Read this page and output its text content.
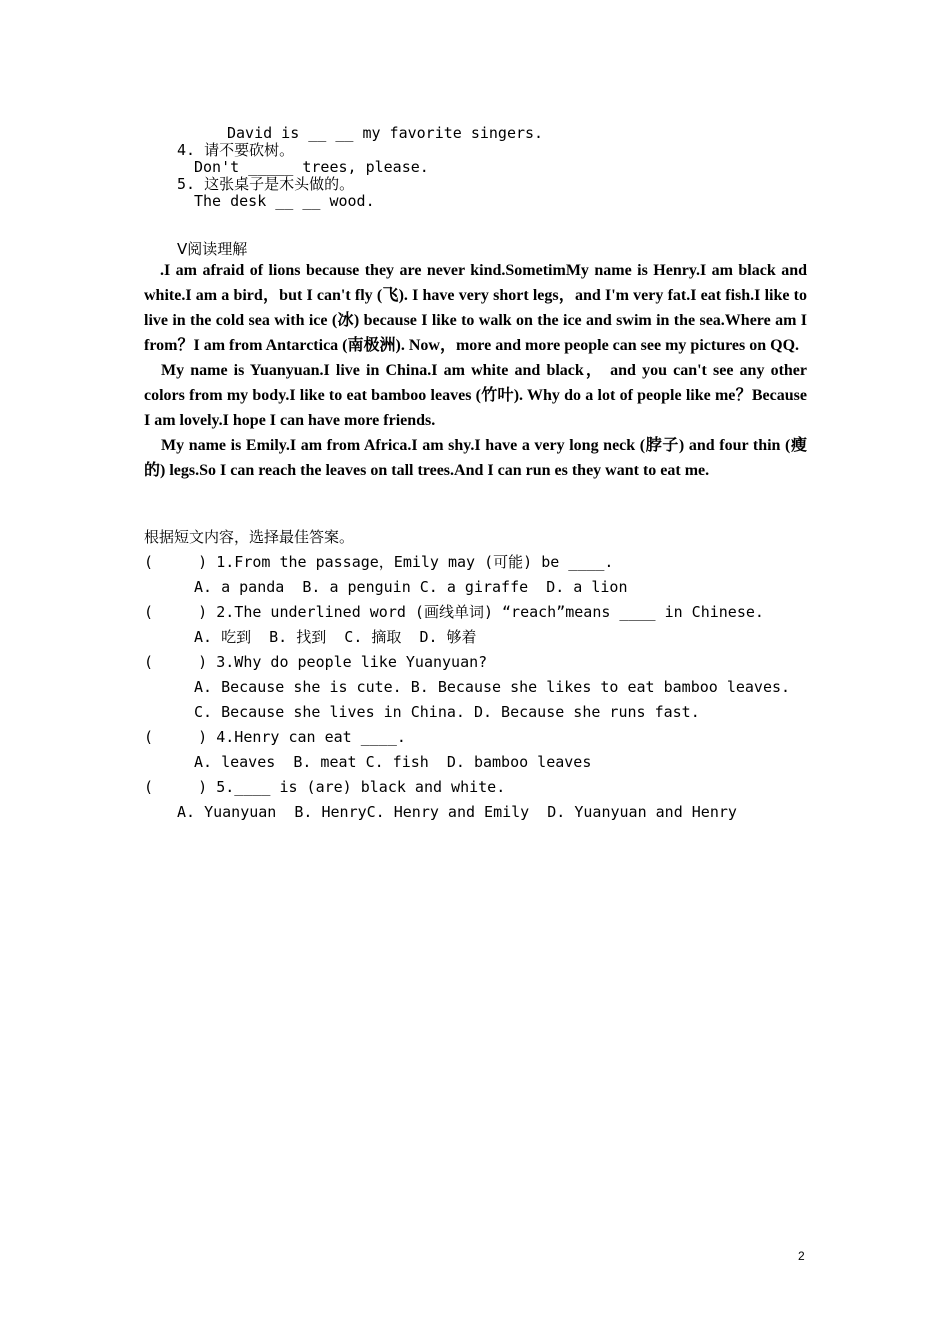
David is __ __ my favorite singers.
4. 请不要砍树。
Don't _____ trees, please.
5. 这张桌子是木头做的。
The desk __ __ wood.
V阅读理解

.I am afraid of lions because they are never kind.SometimMy name is Henry.I am black and white.I am a bird，but I can't fly (飞). I have very short legs，and I'm very fat.I eat fish.I like to live in the cold sea with ice (冰) because I like to walk on the ice and swim in the sea.Where am I from？I am from Antarctica (南极洲). Now，more and more people can see my pictures on QQ.

My name is Yuanyuan.I live in China.I am white and black， and you can't see any other colors from my body.I like to eat bamboo leaves (竹叶). Why do a lot of people like me？Because I am lovely.I hope I can have more friends.

My name is Emily.I am from Africa.I am shy.I have a very long neck (脖子) and four thin (瘦的) legs.So I can reach the leaves on tall trees.And I can run es they want to eat me.

根据短文内容，选择最佳答案。
(     ) 1.From the passage，Emily may (可能) be ____.
A. a panda  B. a penguin C. a giraffe  D. a lion
(     ) 2.The underlined word (画线单词) “reach”means ____ in Chinese.
A. 吃到  B. 找到  C. 摘取  D. 够着
(     ) 3.Why do people like Yuanyuan?
A. Because she is cute. B. Because she likes to eat bamboo leaves.
C. Because she lives in China. D. Because she runs fast.
(     ) 4.Henry can eat ____.
A. leaves  B. meat C. fish  D. bamboo leaves
(     ) 5.____ is (are) black and white.
A. Yuanyuan  B. HenryC. Henry and Emily  D. Yuanyuan and Henry
2
